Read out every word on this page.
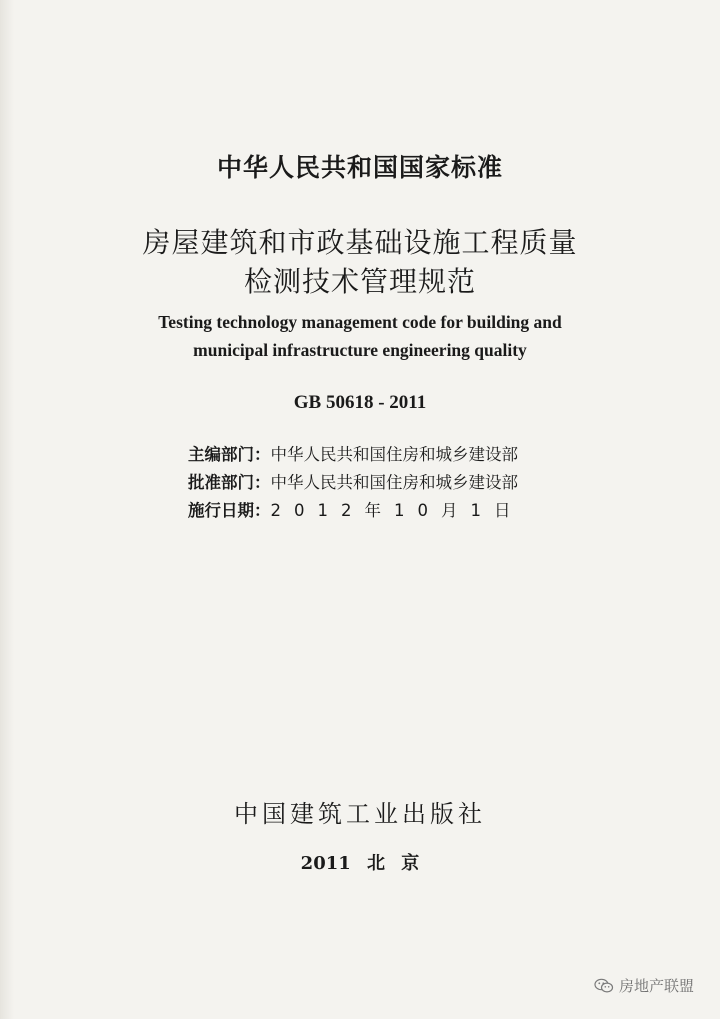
中华人民共和国国家标准
房屋建筑和市政基础设施工程质量
检测技术管理规范
Testing technology management code for building and
municipal infrastructure engineering quality
GB 50618 - 2011
主编部门：中华人民共和国住房和城乡建设部
批准部门：中华人民共和国住房和城乡建设部
施行日期：2012年10月1日
中国建筑工业出版社
2011 北 京
房地产联盟
